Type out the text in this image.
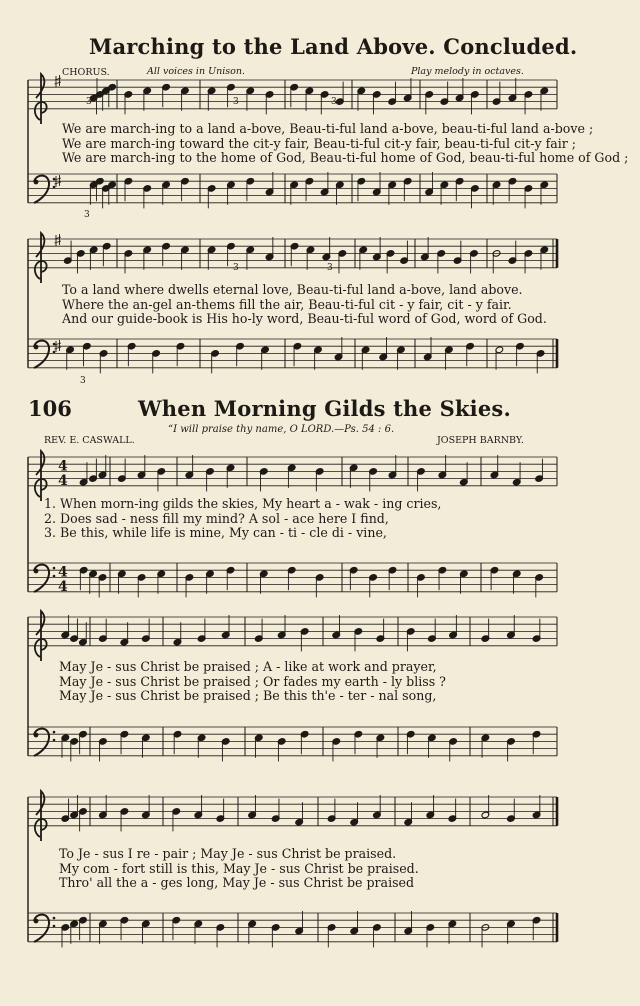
4
4
4
4
3	3	3
3
3	3
3
Marching to the Land Above. Concluded.
CHORUS.	All voices in Unison.	Play melody in octaves.
We are march-ing to a land a-bove, Beau-ti-ful land a-bove, beau-ti-ful land a-bove ;
We are march-ing toward the cit-y fair, Beau-ti-ful cit-y fair, beau-ti-ful cit-y fair ;
We are march-ing to the home of God, Beau-ti-ful home of God, beau-ti-ful home of God ;
To a land where dwells eternal love, Beau-ti-ful land a-bove, land above.
Where the an-gel an-thems fill the air, Beau-ti-ful cit - y fair, cit - y fair.
And our guide-book is His ho-ly word, Beau-ti-ful word of God, word of God.
106	When Morning Gilds the Skies.
“I will praise thy name, O LORD.—Ps. 54 : 6.
REV. E. CASWALL.	JOSEPH BARNBY.
1. When morn-ing gilds the skies, My heart a - wak - ing cries,
2. Does sad - ness fill my mind? A sol - ace here I find,
3. Be this, while life is mine, My can - ti - cle di - vine,
May Je - sus Christ be praised ; A - like at work and prayer,
May Je - sus Christ be praised ; Or fades my earth - ly bliss ?
May Je - sus Christ be praised ; Be this th'e - ter - nal song,
To Je - sus I re - pair ; May Je - sus Christ be praised.
My com - fort still is this, May Je - sus Christ be praised.
Thro' all the a - ges long, May Je - sus Christ be praised
